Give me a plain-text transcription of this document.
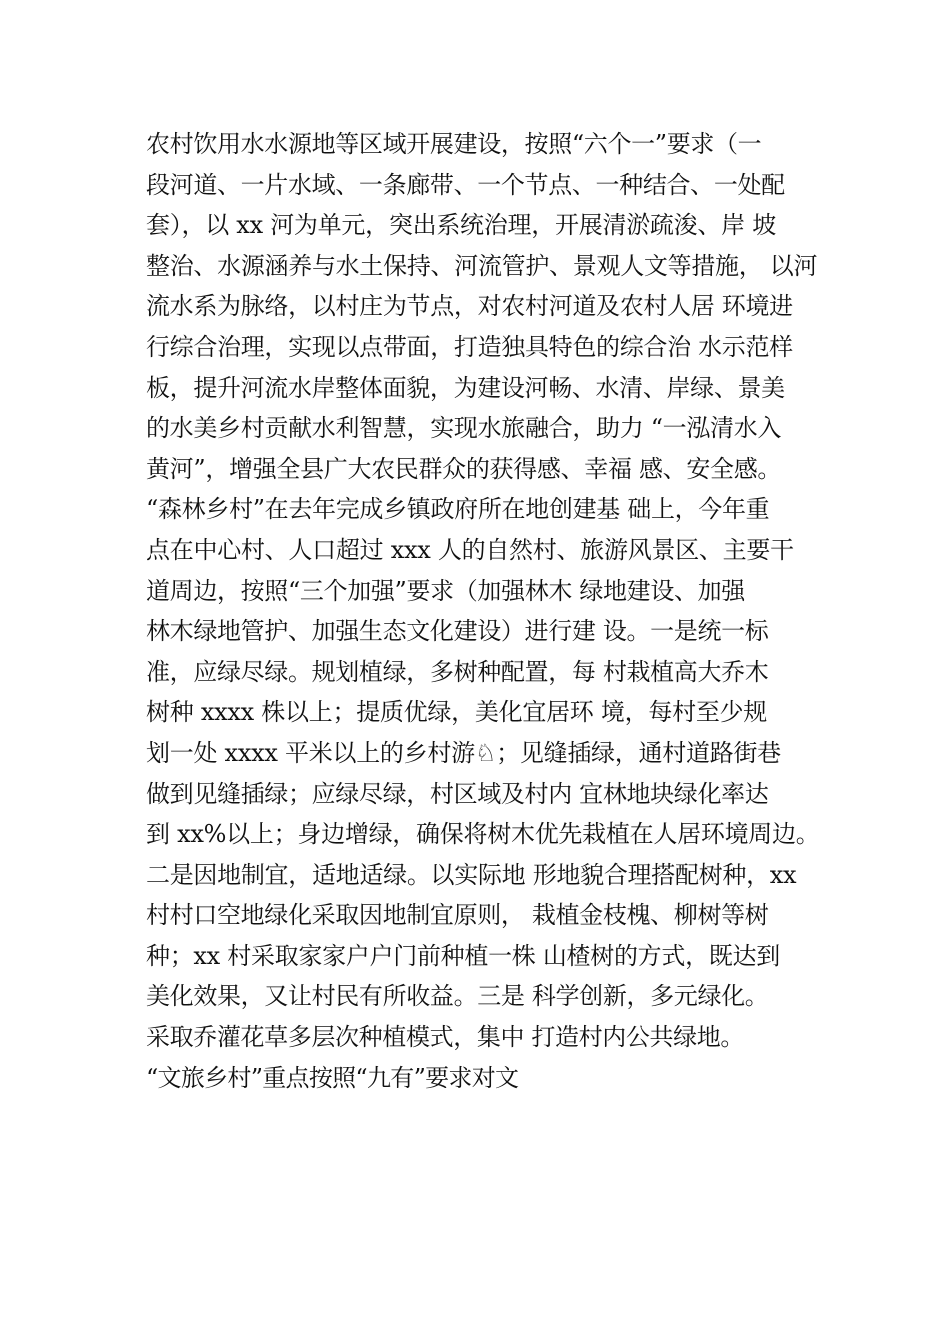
农村饮用水水源地等区域开展建设，按照“六个一”要求（一
段河道、一片水域、一条廊带、一个节点、一种结合、一处配
套），以 xx 河为单元，突出系统治理，开展清淤疏浚、岸 坡
整治、水源涵养与水土保持、河流管护、景观人文等措施， 以河
流水系为脉络，以村庄为节点，对农村河道及农村人居 环境进
行综合治理，实现以点带面，打造独具特色的综合治 水示范样
板，提升河流水岸整体面貌，为建设河畅、水清、岸绿、景美
的水美乡村贡献水利智慧，实现水旅融合，助力 “一泓清水入
黄河”，增强全县广大农民群众的获得感、幸福 感、安全感。
“森林乡村”在去年完成乡镇政府所在地创建基 础上，今年重
点在中心村、人口超过 xxx 人的自然村、旅游风景区、主要干
道周边，按照“三个加强”要求（加强林木 绿地建设、加强
林木绿地管护、加强生态文化建设）进行建 设。一是统一标
准，应绿尽绿。规划植绿，多树种配置，每 村栽植高大乔木
树种 xxxx 株以上；提质优绿，美化宜居环 境，每村至少规
划一处 xxxx 平米以上的乡村游♘；见缝插绿，通村道路街巷
做到见缝插绿；应绿尽绿，村区域及村内 宜林地块绿化率达
到 xx%以上；身边增绿，确保将树木优先栽植在人居环境周边。
二是因地制宜，适地适绿。以实际地 形地貌合理搭配树种，xx
村村口空地绿化采取因地制宜原则， 栽植金枝槐、柳树等树
种；xx 村采取家家户户门前种植一株 山楂树的方式，既达到
美化效果，又让村民有所收益。三是 科学创新，多元绿化。
采取乔灌花草多层次种植模式，集中 打造村内公共绿地。
“文旅乡村”重点按照“九有”要求对文
